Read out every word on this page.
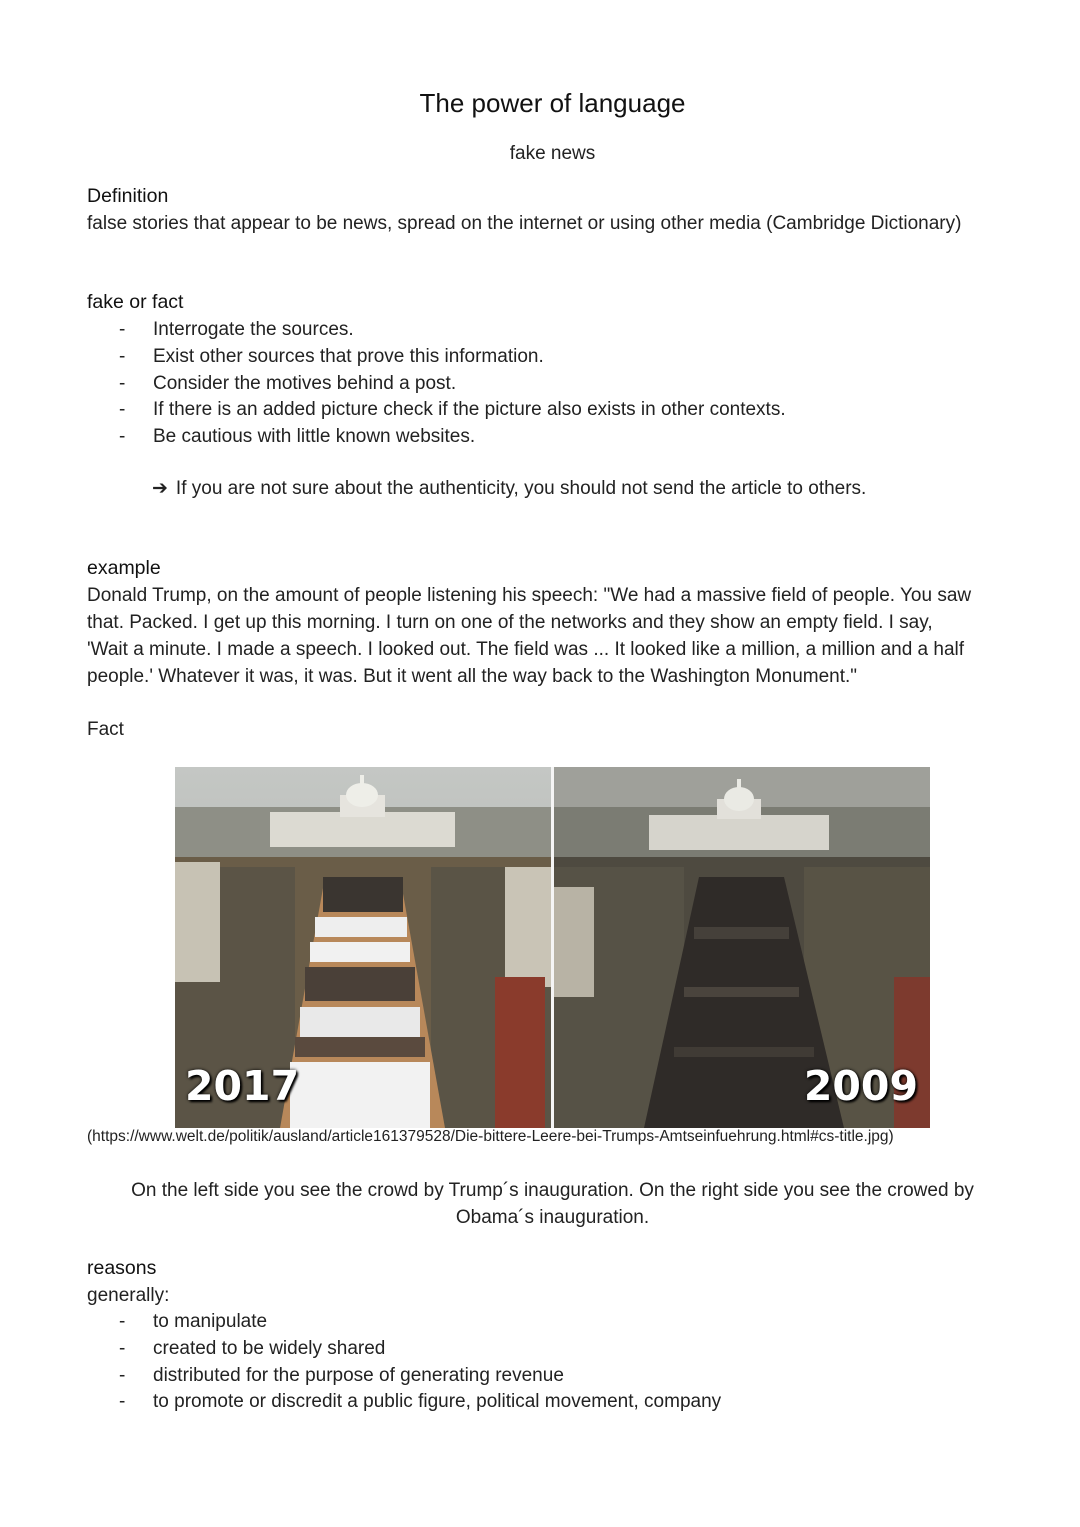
The power of language
fake news
Definition
false stories that appear to be news, spread on the internet or using other media (Cambridge Dictionary)
fake or fact
- Interrogate the sources.
- Exist other sources that prove this information.
- Consider the motives behind a post.
- If there is an added picture check if the picture also exists in other contexts.
- Be cautious with little known websites.
➔ If you are not sure about the authenticity, you should not send the article to others.
example
Donald Trump, on the amount of people listening his speech: "We had a massive field of people. You saw
that. Packed. I get up this morning. I turn on one of the networks and they show an empty field. I say,
'Wait a minute. I made a speech. I looked out. The field was ... It looked like a million, a million and a half
people.' Whatever it was, it was. But it went all the way back to the Washington Monument."
Fact
2017	2009
(https://www.welt.de/politik/ausland/article161379528/Die-bittere-Leere-bei-Trumps-Amtseinfuehrung.html#cs-title.jpg)
On the left side you see the crowd by Trump´s inauguration. On the right side you see the crowed by
Obama´s inauguration.
reasons
generally:
- to manipulate
- created to be widely shared
- distributed for the purpose of generating revenue
- to promote or discredit a public figure, political movement, company
